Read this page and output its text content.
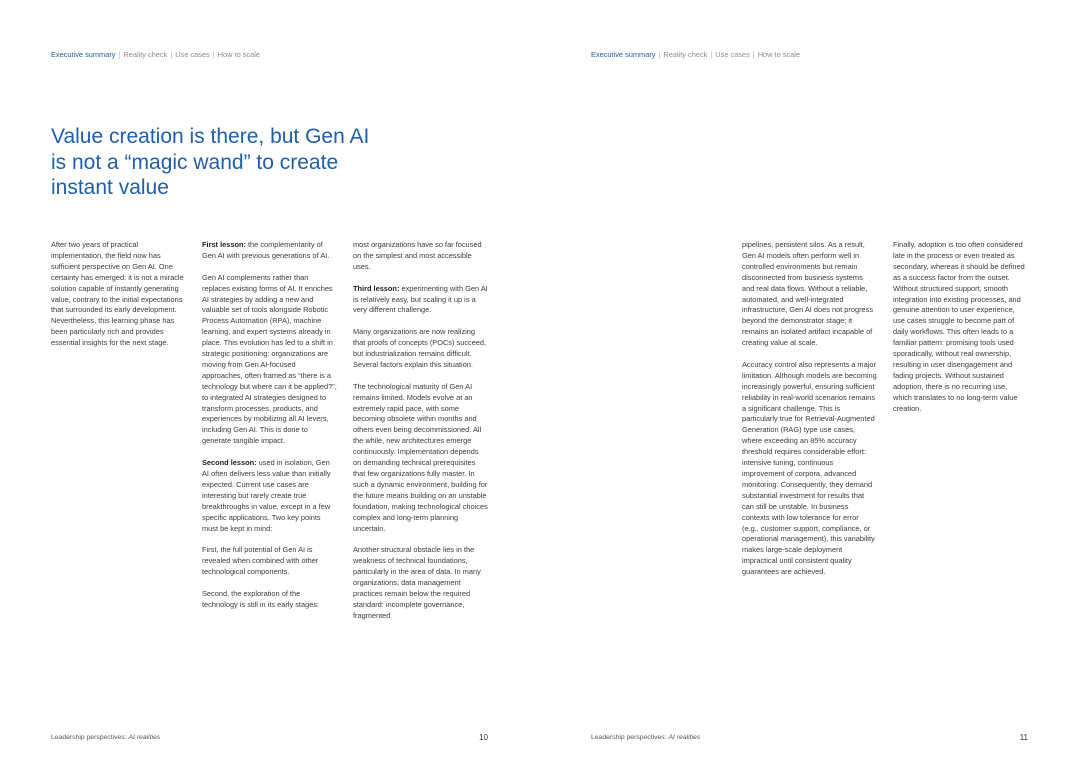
Executive summary | Reality check | Use cases | How to scale
Value creation is there, but Gen AI is not a “magic wand” to create instant value

After two years of practical implementation, the field now has sufficient perspective on Gen AI. One certainty has emerged: it is not a miracle solution capable of instantly generating value, contrary to the initial expectations that surrounded its early development. Nevertheless, this learning phase has been particularly rich and provides essential insights for the next stage.

First lesson: the complementarity of Gen AI with previous generations of AI.

Gen AI complements rather than replaces existing forms of AI. It enriches AI strategies by adding a new and valuable set of tools alongside Robotic Process Automation (RPA), machine learning, and expert systems already in place. This evolution has led to a shift in strategic positioning: organizations are moving from Gen AI-focused approaches, often framed as “there is a technology but where can it be applied?”, to integrated AI strategies designed to transform processes, products, and experiences by mobilizing all AI levers, including Gen AI. This is done to generate tangible impact.

Second lesson: used in isolation, Gen AI often delivers less value than initially expected. Current use cases are interesting but rarely create true breakthroughs in value, except in a few specific applications. Two key points must be kept in mind:

First, the full potential of Gen AI is revealed when combined with other technological components.

Second, the exploration of the technology is still in its early stages:

most organizations have so far focused on the simplest and most accessible uses.

Third lesson: experimenting with Gen AI is relatively easy, but scaling it up is a very different challenge.

Many organizations are now realizing that proofs of concepts (POCs) succeed, but industrialization remains difficult. Several factors explain this situation.

The technological maturity of Gen AI remains limited. Models evolve at an extremely rapid pace, with some becoming obsolete within months and others even being decommissioned. All the while, new architectures emerge continuously. Implementation depends on demanding technical prerequisites that few organizations fully master. In such a dynamic environment, building for the future means building on an unstable foundation, making technological choices complex and long-term planning uncertain.

Another structural obstacle lies in the weakness of technical foundations, particularly in the area of data. In many organizations, data management practices remain below the required standard: incomplete governance, fragmented

Leadership perspectives: AI realities	10
Executive summary | Reality check | Use cases | How to scale

pipelines, persistent silos. As a result, Gen AI models often perform well in controlled environments but remain disconnected from business systems and real data flows. Without a reliable, automated, and well-integrated infrastructure, Gen AI does not progress beyond the demonstrator stage; it remains an isolated artifact incapable of creating value at scale.

Accuracy control also represents a major limitation. Although models are becoming increasingly powerful, ensuring sufficient reliability in real-world scenarios remains a significant challenge. This is particularly true for Retrieval-Augmented Generation (RAG) type use cases, where exceeding an 85% accuracy threshold requires considerable effort: intensive tuning, continuous improvement of corpora, advanced monitoring. Consequently, they demand substantial investment for results that can still be unstable. In business contexts with low tolerance for error (e.g., customer support, compliance, or operational management), this variability makes large-scale deployment impractical until consistent quality guarantees are achieved.

Finally, adoption is too often considered late in the process or even treated as secondary, whereas it should be defined as a success factor from the outset. Without structured support, smooth integration into existing processes, and genuine attention to user experience, use cases struggle to become part of daily workflows. This often leads to a familiar pattern: promising tools used sporadically, without real ownership, resulting in user disengagement and fading projects. Without sustained adoption, there is no recurring use, which translates to no long-term value creation.

Leadership perspectives: AI realities	11
